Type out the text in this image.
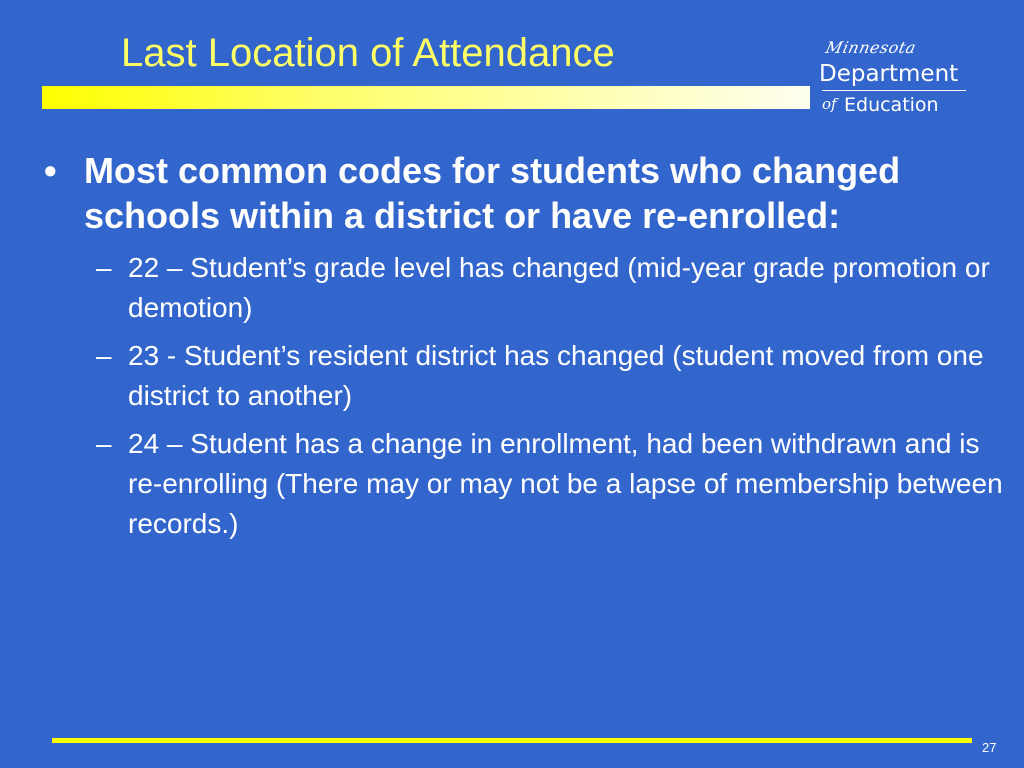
Last Location of Attendance	Minnesota
Department
of Education
• Most common codes for students who changed schools within a district or have re-enrolled:
– 22 – Student’s grade level has changed (mid-year grade promotion or demotion)
– 23 - Student’s resident district has changed (student moved from one district to another)
– 24 – Student has a change in enrollment, had been withdrawn and is re-enrolling (There may or may not be a lapse of membership between records.)
27
